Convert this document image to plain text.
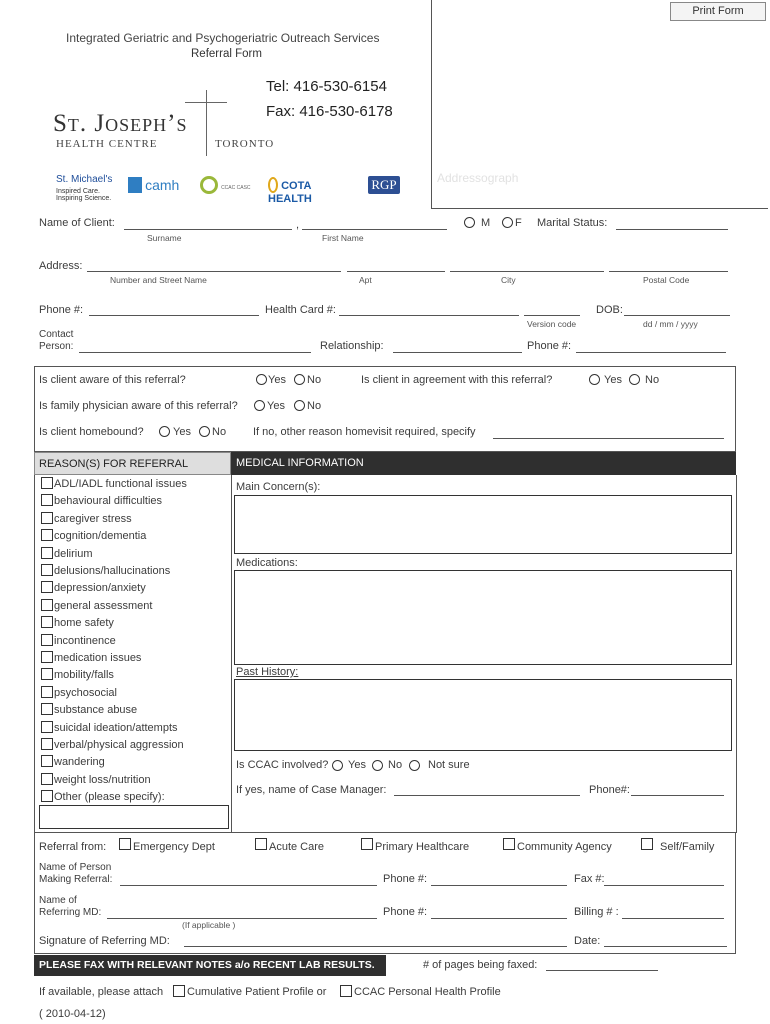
Print Form
Addressograph
Integrated Geriatric and Psychogeriatric Outreach Services
Referral Form
Tel: 416-530-6154
Fax: 416-530-6178
St. Joseph’s
HEALTH CENTRE	TORONTO
St. Michael's
Inspired Care.
Inspiring Science.
camh	CCAC CASC	COTA HEALTH
RGP
Name of Client:	,
Surname	First Name
M F Marital Status:
Address:
Number and Street Name	Apt	City	Postal Code
Phone #:	Health Card #:
Version code
DOB:
dd / mm / yyyy
Contact
Person:	Relationship:	Phone #:
Is client aware of this referral?	Yes No	Is client in agreement with this referral?	Yes No
Is family physician aware of this referral?	Yes No
Is client homebound?	Yes No If no, other reason homevisit required, specify
REASON(S) FOR REFERRAL	MEDICAL INFORMATION
ADL/IADL functional issues
behavioural difficulties
caregiver stress
cognition/dementia
delirium
delusions/hallucinations
depression/anxiety
general assessment
home safety
incontinence
medication issues
mobility/falls
psychosocial
substance abuse
suicidal ideation/attempts
verbal/physical aggression
wandering
weight loss/nutrition
Other (please specify):
Main Concern(s):
Medications:
Past History:
Is CCAC involved? Yes No Not sure
If yes, name of Case Manager:	Phone#:
Referral from: Emergency Dept	Acute Care	Primary Healthcare	Community Agency	Self/Family
Name of Person
Making Referral:	Phone #:	Fax #:
Name of
Referring MD:
(If applicable )
Phone #:	Billing # :
Signature of Referring MD:	Date:
PLEASE FAX WITH RELEVANT NOTES a/o RECENT LAB RESULTS.	# of pages being faxed:
If available, please attach Cumulative Patient Profile or	CCAC Personal Health Profile
( 2010-04-12)
